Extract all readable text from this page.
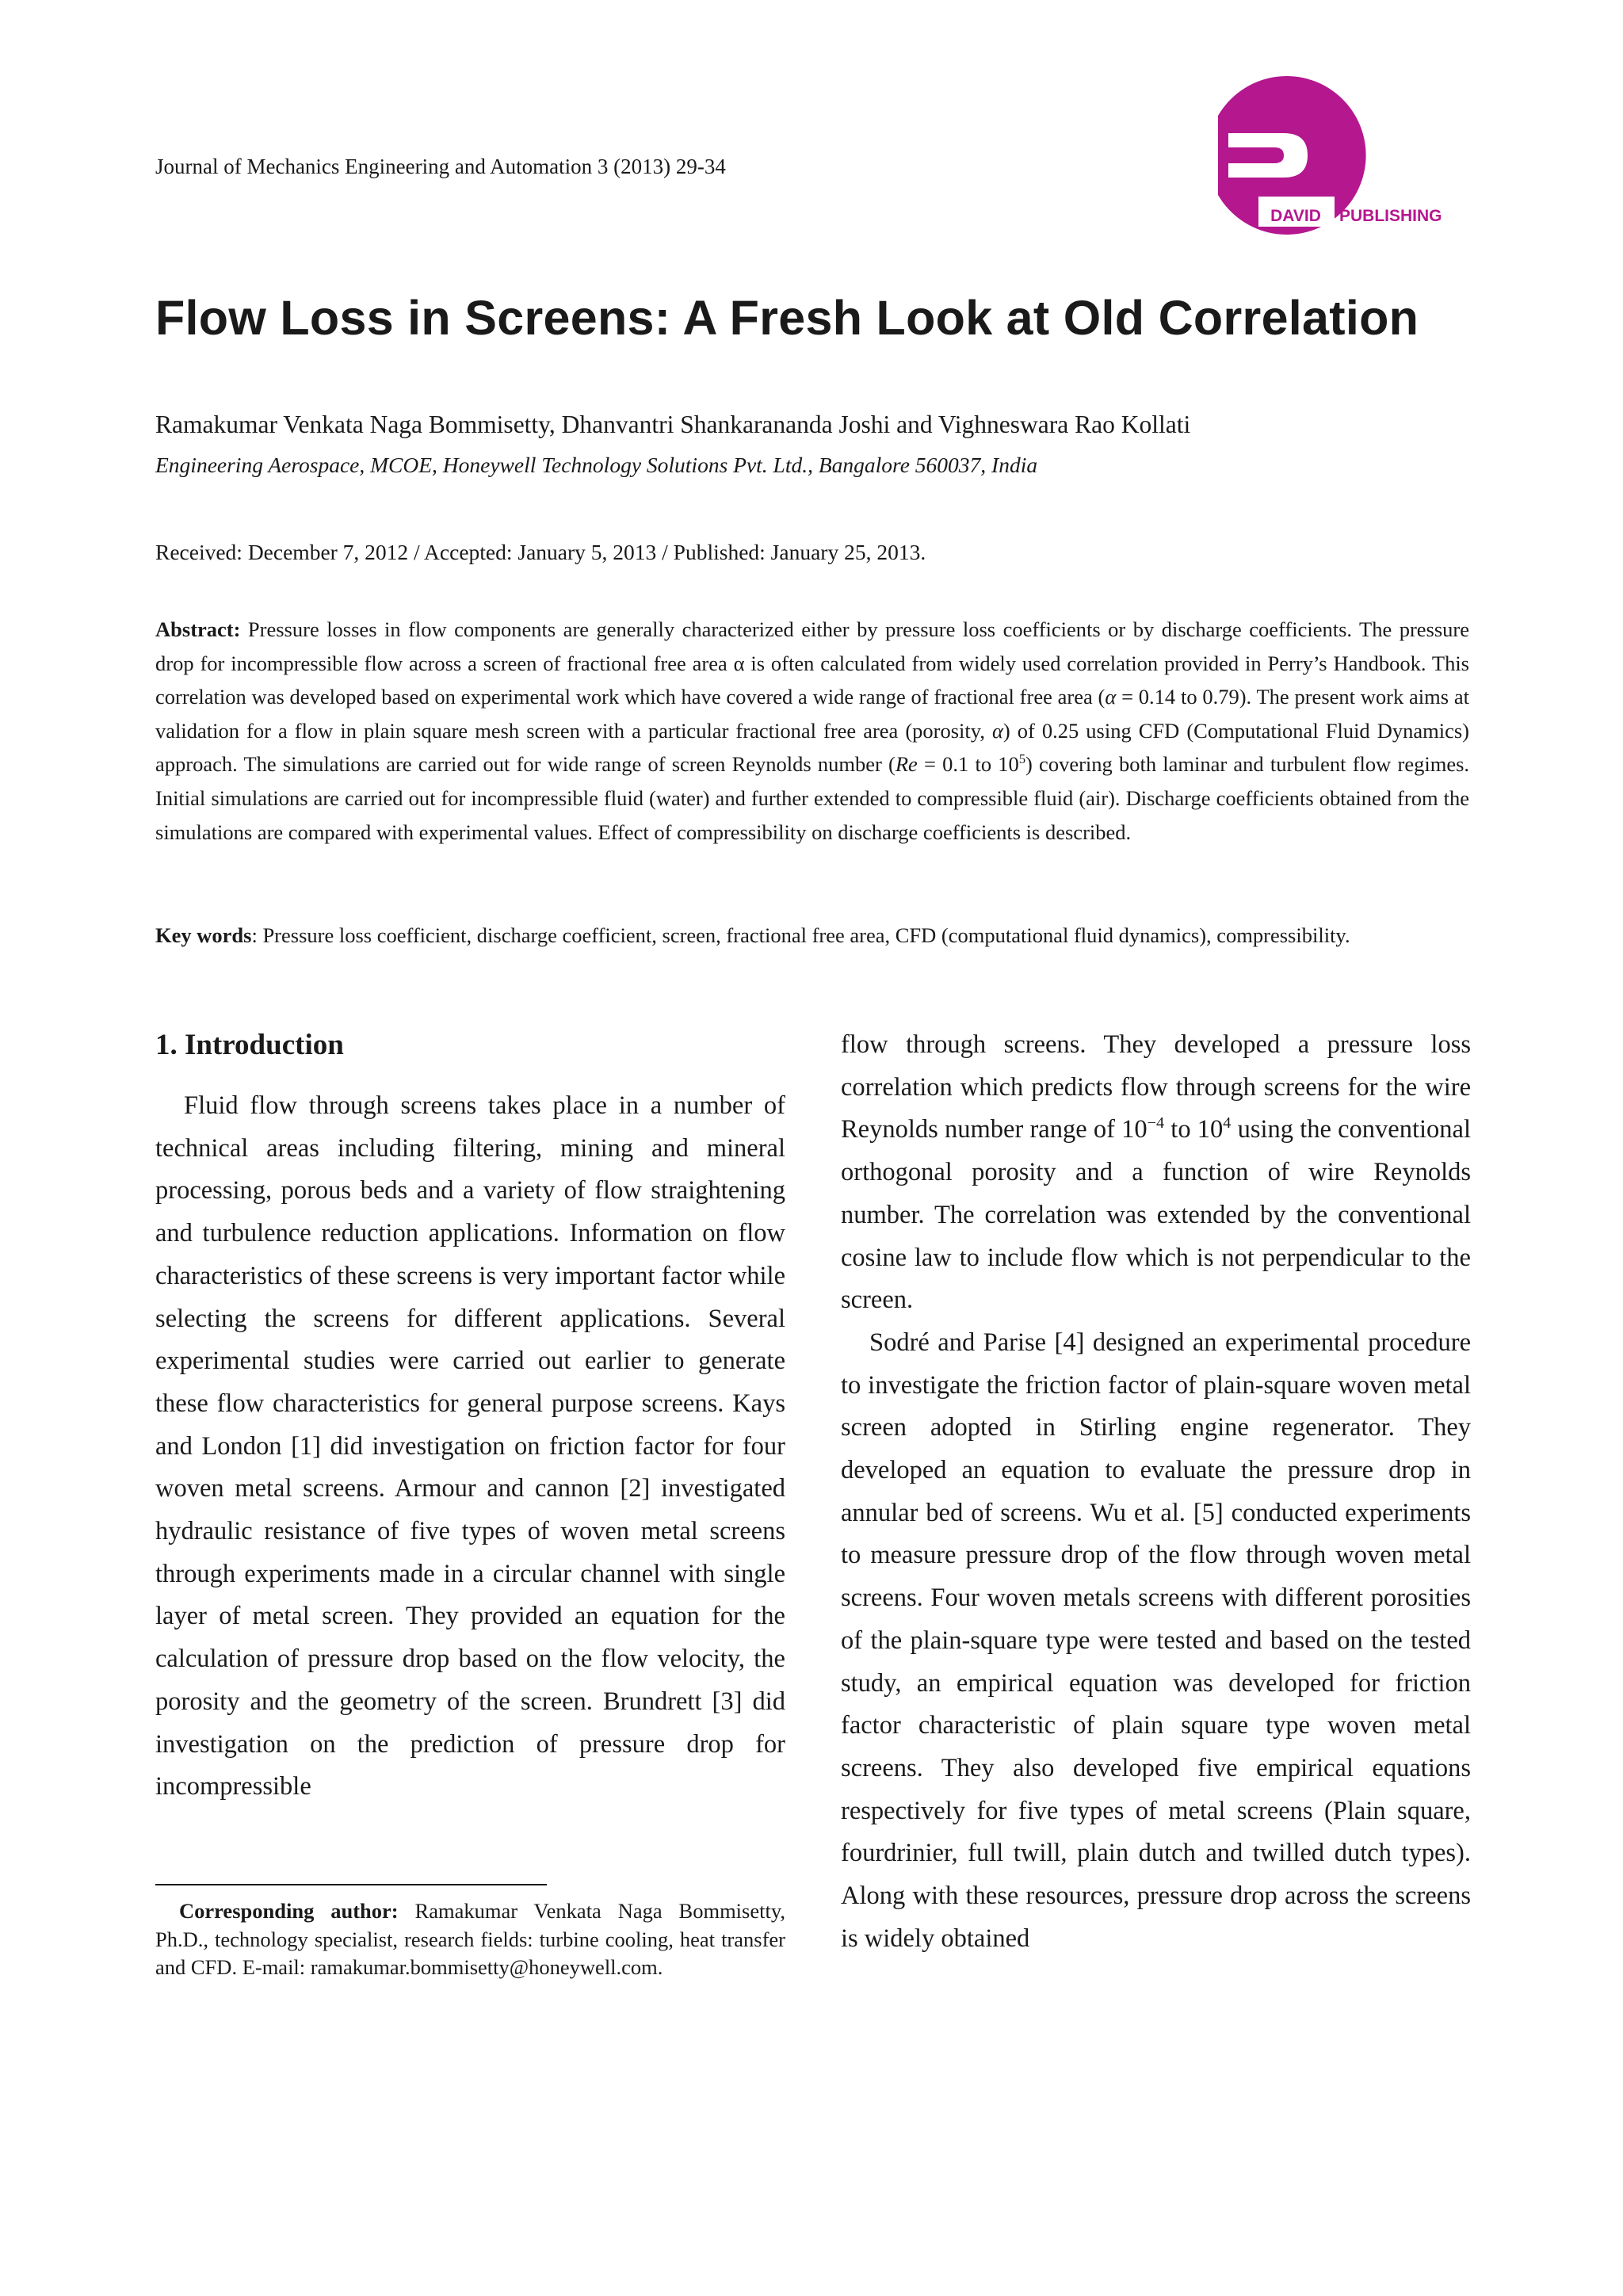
Journal of Mechanics Engineering and Automation 3 (2013) 29-34
DAVID PUBLISHING
Flow Loss in Screens: A Fresh Look at Old Correlation
Ramakumar Venkata Naga Bommisetty, Dhanvantri Shankarananda Joshi and Vighneswara Rao Kollati
Engineering Aerospace, MCOE, Honeywell Technology Solutions Pvt. Ltd., Bangalore 560037, India
Received: December 7, 2012 / Accepted: January 5, 2013 / Published: January 25, 2013.
Abstract: Pressure losses in flow components are generally characterized either by pressure loss coefficients or by discharge coefficients. The pressure drop for incompressible flow across a screen of fractional free area α is often calculated from widely used correlation provided in Perry’s Handbook. This correlation was developed based on experimental work which have covered a wide range of fractional free area (α = 0.14 to 0.79). The present work aims at validation for a flow in plain square mesh screen with a particular fractional free area (porosity, α) of 0.25 using CFD (Computational Fluid Dynamics) approach. The simulations are carried out for wide range of screen Reynolds number (Re = 0.1 to $10^5$) covering both laminar and turbulent flow regimes. Initial simulations are carried out for incompressible fluid (water) and further extended to compressible fluid (air). Discharge coefficients obtained from the simulations are compared with experimental values. Effect of compressibility on discharge coefficients is described.
Key words: Pressure loss coefficient, discharge coefficient, screen, fractional free area, CFD (computational fluid dynamics), compressibility.
1. Introduction

Fluid flow through screens takes place in a number of technical areas including filtering, mining and mineral processing, porous beds and a variety of flow straightening and turbulence reduction applications. Information on flow characteristics of these screens is very important factor while selecting the screens for different applications. Several experimental studies were carried out earlier to generate these flow characteristics for general purpose screens. Kays and London [1] did investigation on friction factor for four woven metal screens. Armour and cannon [2] investigated hydraulic resistance of five types of woven metal screens through experiments made in a circular channel with single layer of metal screen. They provided an equation for the calculation of pressure drop based on the flow velocity, the porosity and the geometry of the screen. Brundrett [3] did investigation on the prediction of pressure drop for incompressible

flow through screens. They developed a pressure loss correlation which predicts flow through screens for the wire Reynolds number range of $10^{-4}$ to $10^4$ using the conventional orthogonal porosity and a function of wire Reynolds number. The correlation was extended by the conventional cosine law to include flow which is not perpendicular to the screen.
Sodré and Parise [4] designed an experimental procedure to investigate the friction factor of plain-square woven metal screen adopted in Stirling engine regenerator. They developed an equation to evaluate the pressure drop in annular bed of screens. Wu et al. [5] conducted experiments to measure pressure drop of the flow through woven metal screens. Four woven metals screens with different porosities of the plain-square type were tested and based on the tested study, an empirical equation was developed for friction factor characteristic of plain square type woven metal screens. They also developed five empirical equations respectively for five types of metal screens (Plain square, fourdrinier, full twill, plain dutch and twilled dutch types). Along with these resources, pressure drop across the screens is widely obtained
Corresponding author: Ramakumar Venkata Naga Bommisetty, Ph.D., technology specialist, research fields: turbine cooling, heat transfer and CFD. E-mail: ramakumar.bommisetty@honeywell.com.
